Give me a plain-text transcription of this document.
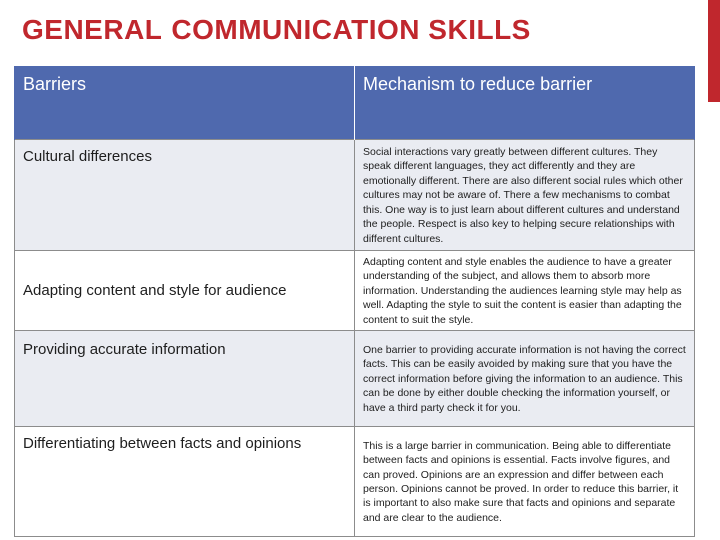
GENERAL COMMUNICATION SKILLS
Barriers	Mechanism to reduce barrier
Cultural differences	Social interactions vary greatly between different cultures. They speak different languages, they act differently and they are emotionally different. There are also different social rules which other cultures may not be aware of. There a few mechanisms to combat this. One way is to just learn about different cultures and understand the people. Respect is also key to helping secure relationships with different cultures.
Adapting content and style for audience	Adapting content and style enables the audience to have a greater understanding of the subject, and allows them to absorb more information. Understanding the audiences learning style may help as well. Adapting the style to suit the content is easier than adapting the content to suit the style.
Providing accurate information	One barrier to providing accurate information is not having the correct facts. This can be easily avoided by making sure that you have the correct information before giving the information to an audience. This can be done by either double checking the information yourself, or have a third party check it for you.
Differentiating between facts and opinions	This is a large barrier in communication. Being able to differentiate between facts and opinions is essential. Facts involve figures, and can proved. Opinions are an expression and differ between each person. Opinions cannot be proved. In order to reduce this barrier, it is important to also make sure that facts and opinions and separate and are clear to the audience.
